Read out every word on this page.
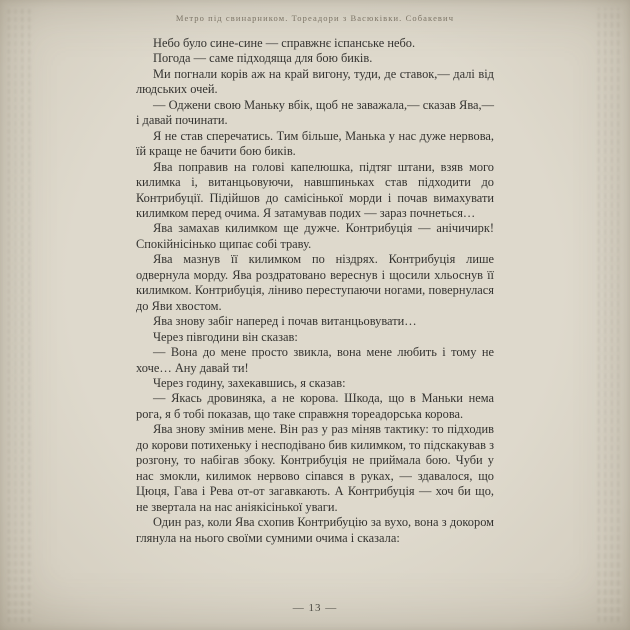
Метро під свинарником. Тореадори з Васюківки. Собакевич

Небо було сине-сине — справжнє іспанське небо.

Погода — саме підходяща для бою биків.

Ми погнали корів аж на край вигону, туди, де ставок,— далі від людських очей.

— Оджени свою Маньку вбік, щоб не заважала,— сказав Ява,— і давай починати.

Я не став сперечатись. Тим більше, Манька у нас дуже нервова, їй краще не бачити бою биків.

Ява поправив на голові капелюшка, підтяг штани, взяв мого килимка і, витанцьовуючи, навшпиньках став підходити до Контрибуції. Підійшов до самісінької морди і почав вимахувати килимком перед очима. Я затамував подих — зараз почнеться…

Ява замахав килимком ще дужче. Контрибуція — анічичирк! Спокійнісінько щипає собі траву.

Ява мазнув її килимком по ніздрях. Контрибуція лише одвернула морду. Ява роздратовано вереснув і щосили хльоснув її килимком. Контрибуція, ліниво переступаючи ногами, повернулася до Яви хвостом.

Ява знову забіг наперед і почав витанцьовувати…

Через півгодини він сказав:

— Вона до мене просто звикла, вона мене любить і тому не хоче… Ану давай ти!

Через годину, захекавшись, я сказав:

— Якась дровиняка, а не корова. Шкода, що в Маньки нема рога, я б тобі показав, що таке справжня тореадорська корова.

Ява знову змінив мене. Він раз у раз міняв тактику: то підходив до корови потихеньку і несподівано бив килимком, то підскакував з розгону, то набігав збоку. Контрибуція не приймала бою. Чуби у нас змокли, килимок нервово сіпався в руках, — здавалося, що Цюця, Гава і Рева от-от загавкають. А Контрибуція — хоч би що, не звертала на нас аніякісінької уваги.

Один раз, коли Ява схопив Контрибуцію за вухо, вона з докором глянула на нього своїми сумними очима і сказала:

— 13 —
